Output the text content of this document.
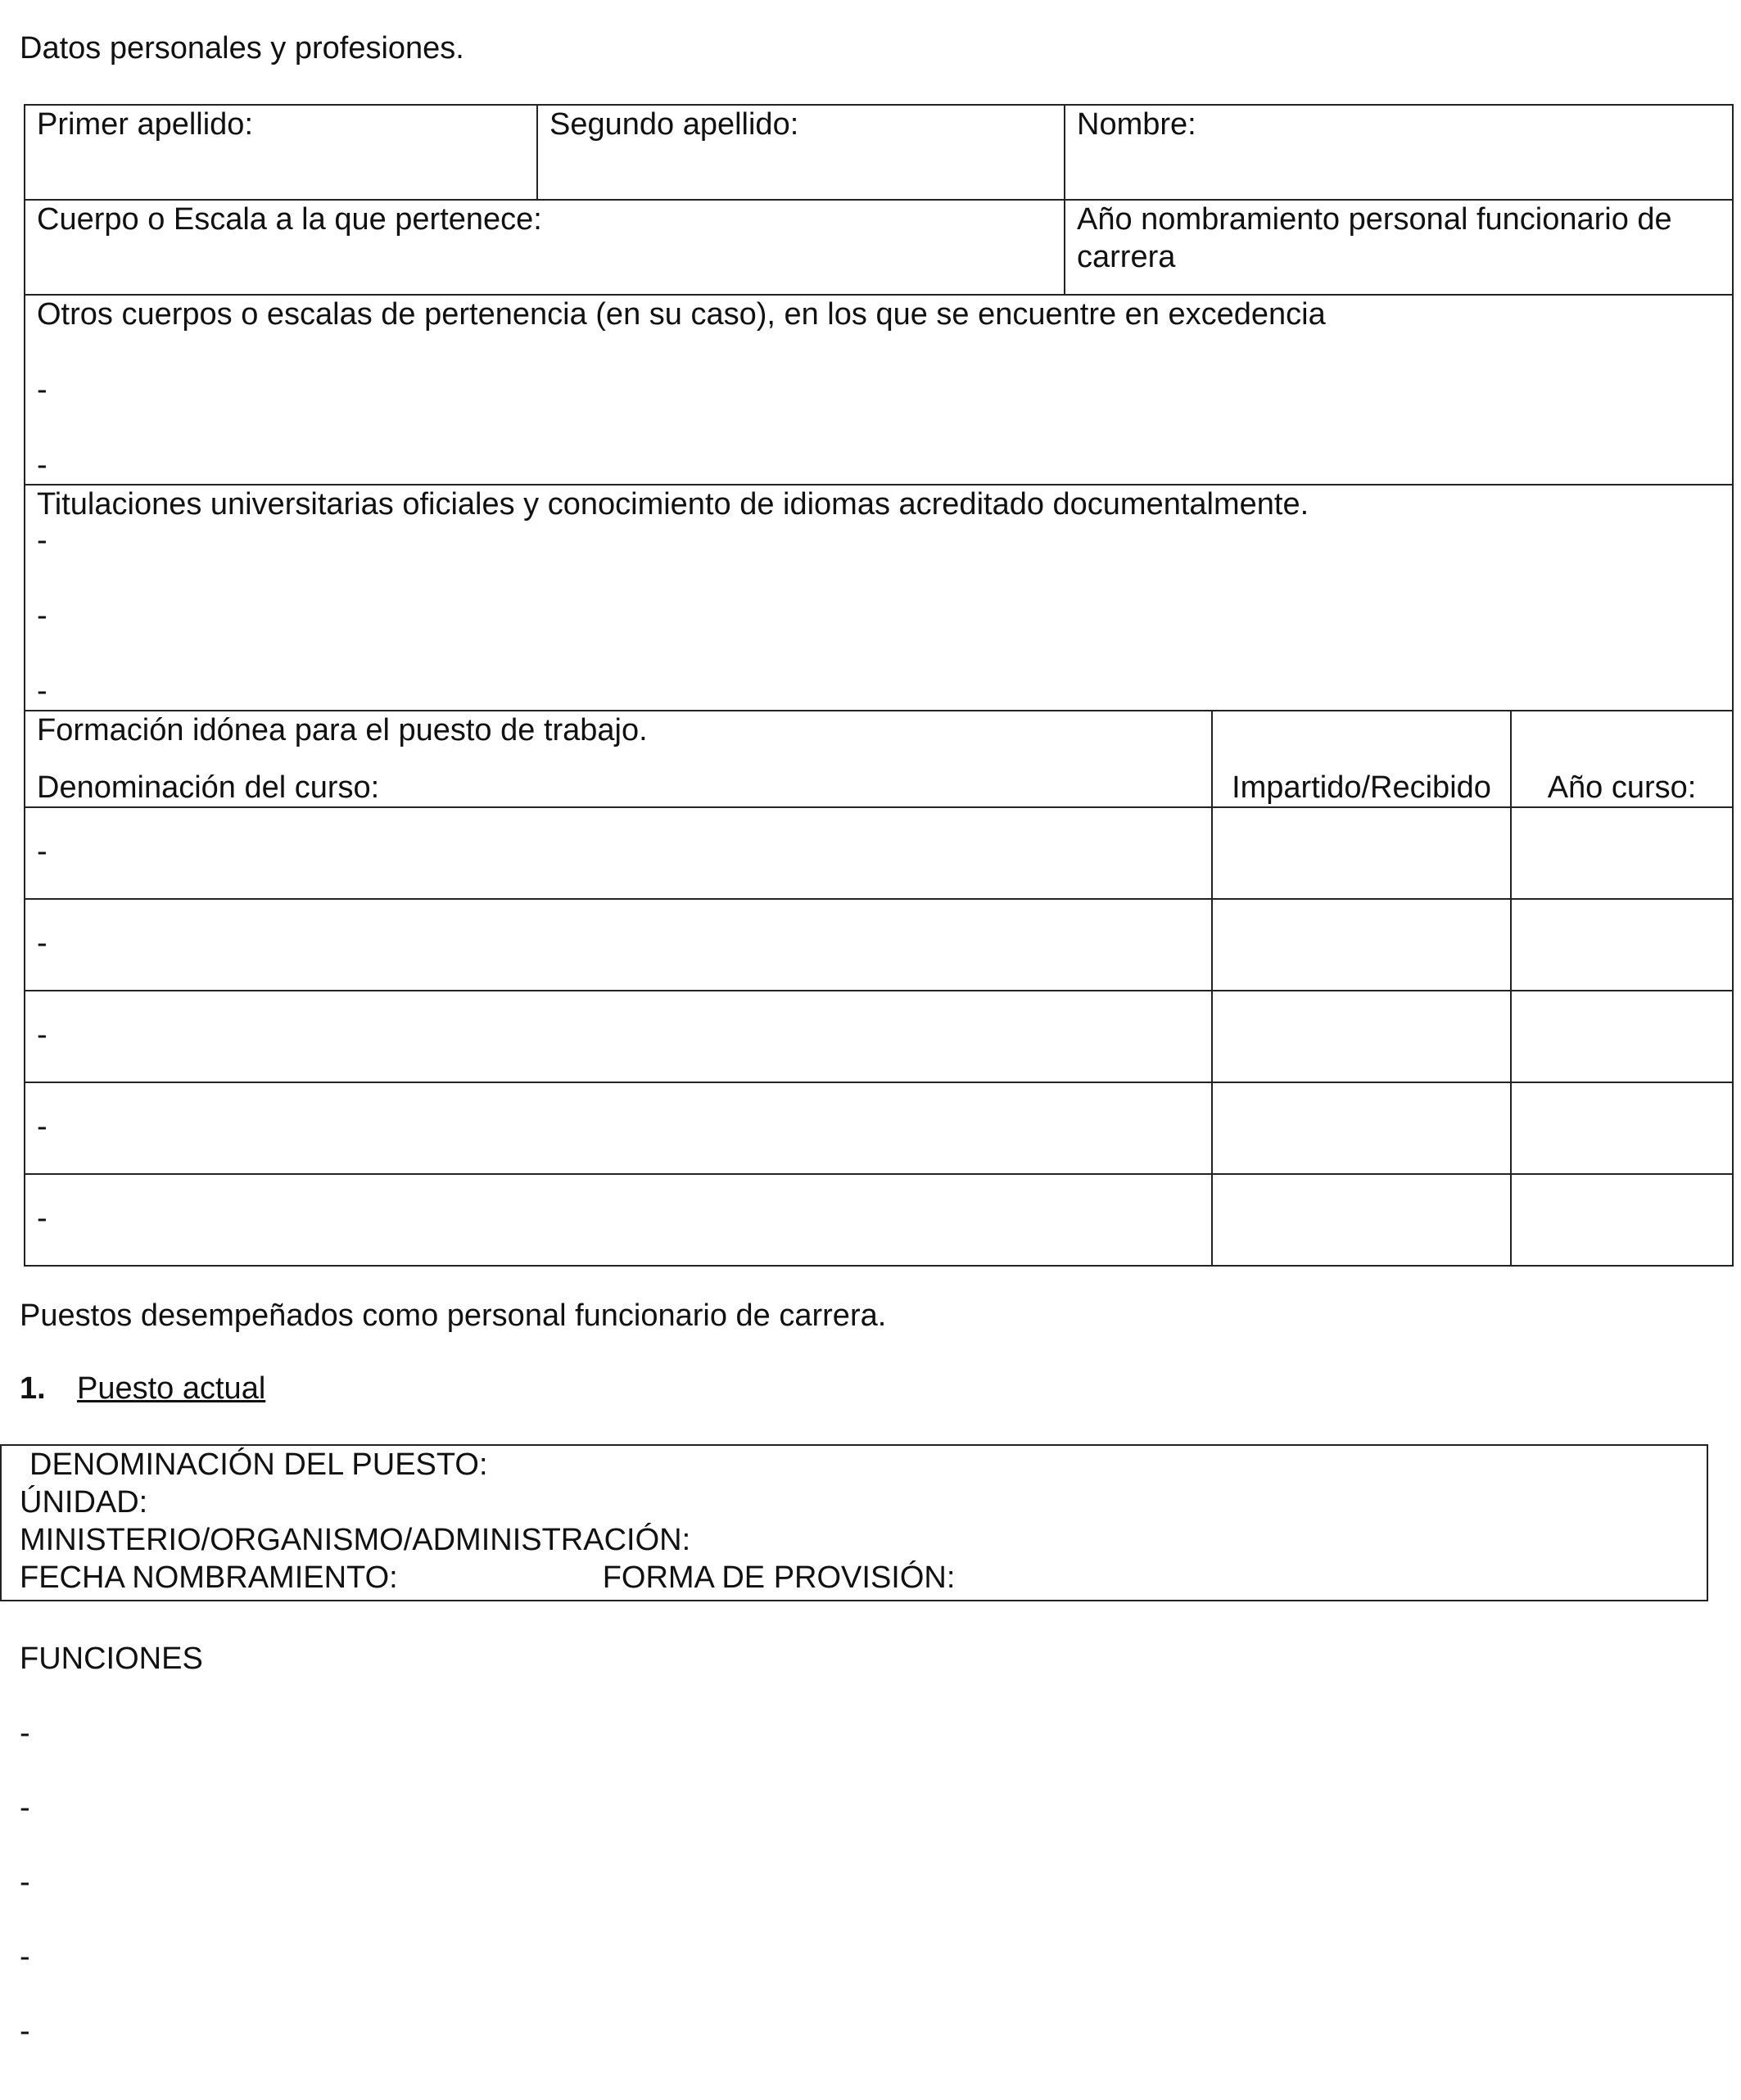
Datos personales y profesiones.
Primer apellido:	Segundo apellido:	Nombre:		
Cuerpo o Escala a la que pertenece:		Año nombramiento personal funcionario de carrera		

Otros cuerpos o escalas de pertenencia (en su caso), en los que se encuentre en excedencia
-
-				

Titulaciones universitarias oficiales y conocimiento de idiomas acreditado documentalmente.
-
-
-				

Formación idónea para el puesto de trabajo.
Denominación del curso:			Impartido/Recibido	Año curso:
-				
-				
-				
-				
-				
Puestos desempeñados como personal funcionario de carrera.
1. Puesto actual
DENOMINACIÓN DEL PUESTO:
ÚNIDAD:
MINISTERIO/ORGANISMO/ADMINISTRACIÓN:
FECHA NOMBRAMIENTO:	FORMA DE PROVISIÓN:
FUNCIONES
-
-
-
-
-
